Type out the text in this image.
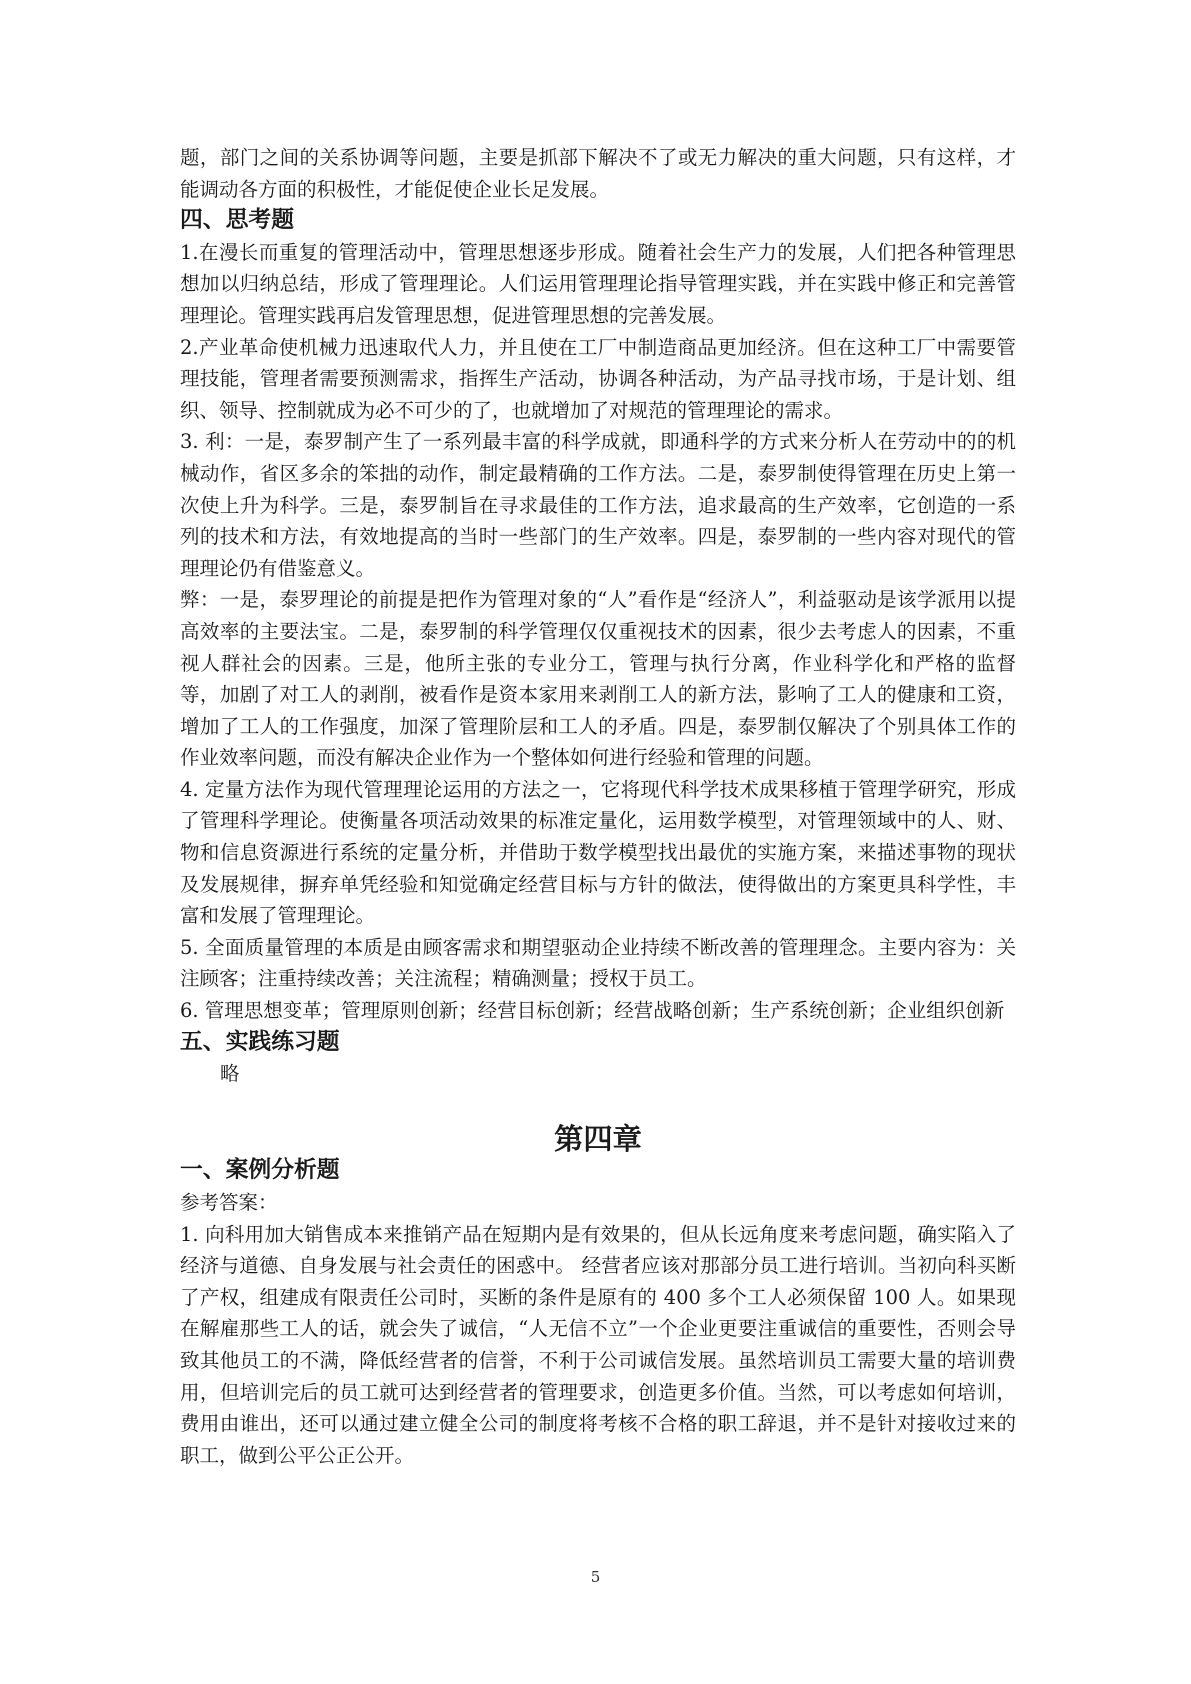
题，部门之间的关系协调等问题，主要是抓部下解决不了或无力解决的重大问题，只有这样，才能调动各方面的积极性，才能促使企业长足发展。

四、思考题

1.在漫长而重复的管理活动中，管理思想逐步形成。随着社会生产力的发展，人们把各种管理思想加以归纳总结，形成了管理理论。人们运用管理理论指导管理实践，并在实践中修正和完善管理理论。管理实践再启发管理思想，促进管理思想的完善发展。

2.产业革命使机械力迅速取代人力，并且使在工厂中制造商品更加经济。但在这种工厂中需要管理技能，管理者需要预测需求，指挥生产活动，协调各种活动，为产品寻找市场，于是计划、组织、领导、控制就成为必不可少的了，也就增加了对规范的管理理论的需求。

3. 利：一是，泰罗制产生了一系列最丰富的科学成就，即通科学的方式来分析人在劳动中的的机械动作，省区多余的笨拙的动作，制定最精确的工作方法。二是，泰罗制使得管理在历史上第一次使上升为科学。三是，泰罗制旨在寻求最佳的工作方法，追求最高的生产效率，它创造的一系列的技术和方法，有效地提高的当时一些部门的生产效率。四是，泰罗制的一些内容对现代的管理理论仍有借鉴意义。

弊：一是，泰罗理论的前提是把作为管理对象的“人”看作是“经济人”，利益驱动是该学派用以提高效率的主要法宝。二是，泰罗制的科学管理仅仅重视技术的因素，很少去考虑人的因素，不重视人群社会的因素。三是，他所主张的专业分工，管理与执行分离，作业科学化和严格的监督等，加剧了对工人的剥削，被看作是资本家用来剥削工人的新方法，影响了工人的健康和工资，增加了工人的工作强度，加深了管理阶层和工人的矛盾。四是，泰罗制仅解决了个别具体工作的作业效率问题，而没有解决企业作为一个整体如何进行经验和管理的问题。

4. 定量方法作为现代管理理论运用的方法之一，它将现代科学技术成果移植于管理学研究，形成了管理科学理论。使衡量各项活动效果的标准定量化，运用数学模型，对管理领域中的人、财、物和信息资源进行系统的定量分析，并借助于数学模型找出最优的实施方案，来描述事物的现状及发展规律，摒弃单凭经验和知觉确定经营目标与方针的做法，使得做出的方案更具科学性，丰富和发展了管理理论。

5. 全面质量管理的本质是由顾客需求和期望驱动企业持续不断改善的管理理念。主要内容为：关注顾客；注重持续改善；关注流程；精确测量；授权于员工。

6. 管理思想变革；管理原则创新；经营目标创新；经营战略创新；生产系统创新；企业组织创新

五、实践练习题

略

第四章
一、案例分析题

参考答案：

1. 向科用加大销售成本来推销产品在短期内是有效果的，但从长远角度来考虑问题，确实陷入了经济与道德、自身发展与社会责任的困惑中。 经营者应该对那部分员工进行培训。当初向科买断了产权，组建成有限责任公司时，买断的条件是原有的 400 多个工人必须保留 100 人。如果现在解雇那些工人的话，就会失了诚信，“人无信不立”一个企业更要注重诚信的重要性，否则会导致其他员工的不满，降低经营者的信誉，不利于公司诚信发展。虽然培训员工需要大量的培训费用，但培训完后的员工就可达到经营者的管理要求，创造更多价值。当然，可以考虑如何培训，费用由谁出，还可以通过建立健全公司的制度将考核不合格的职工辞退，并不是针对接收过来的职工，做到公平公正公开。

5
